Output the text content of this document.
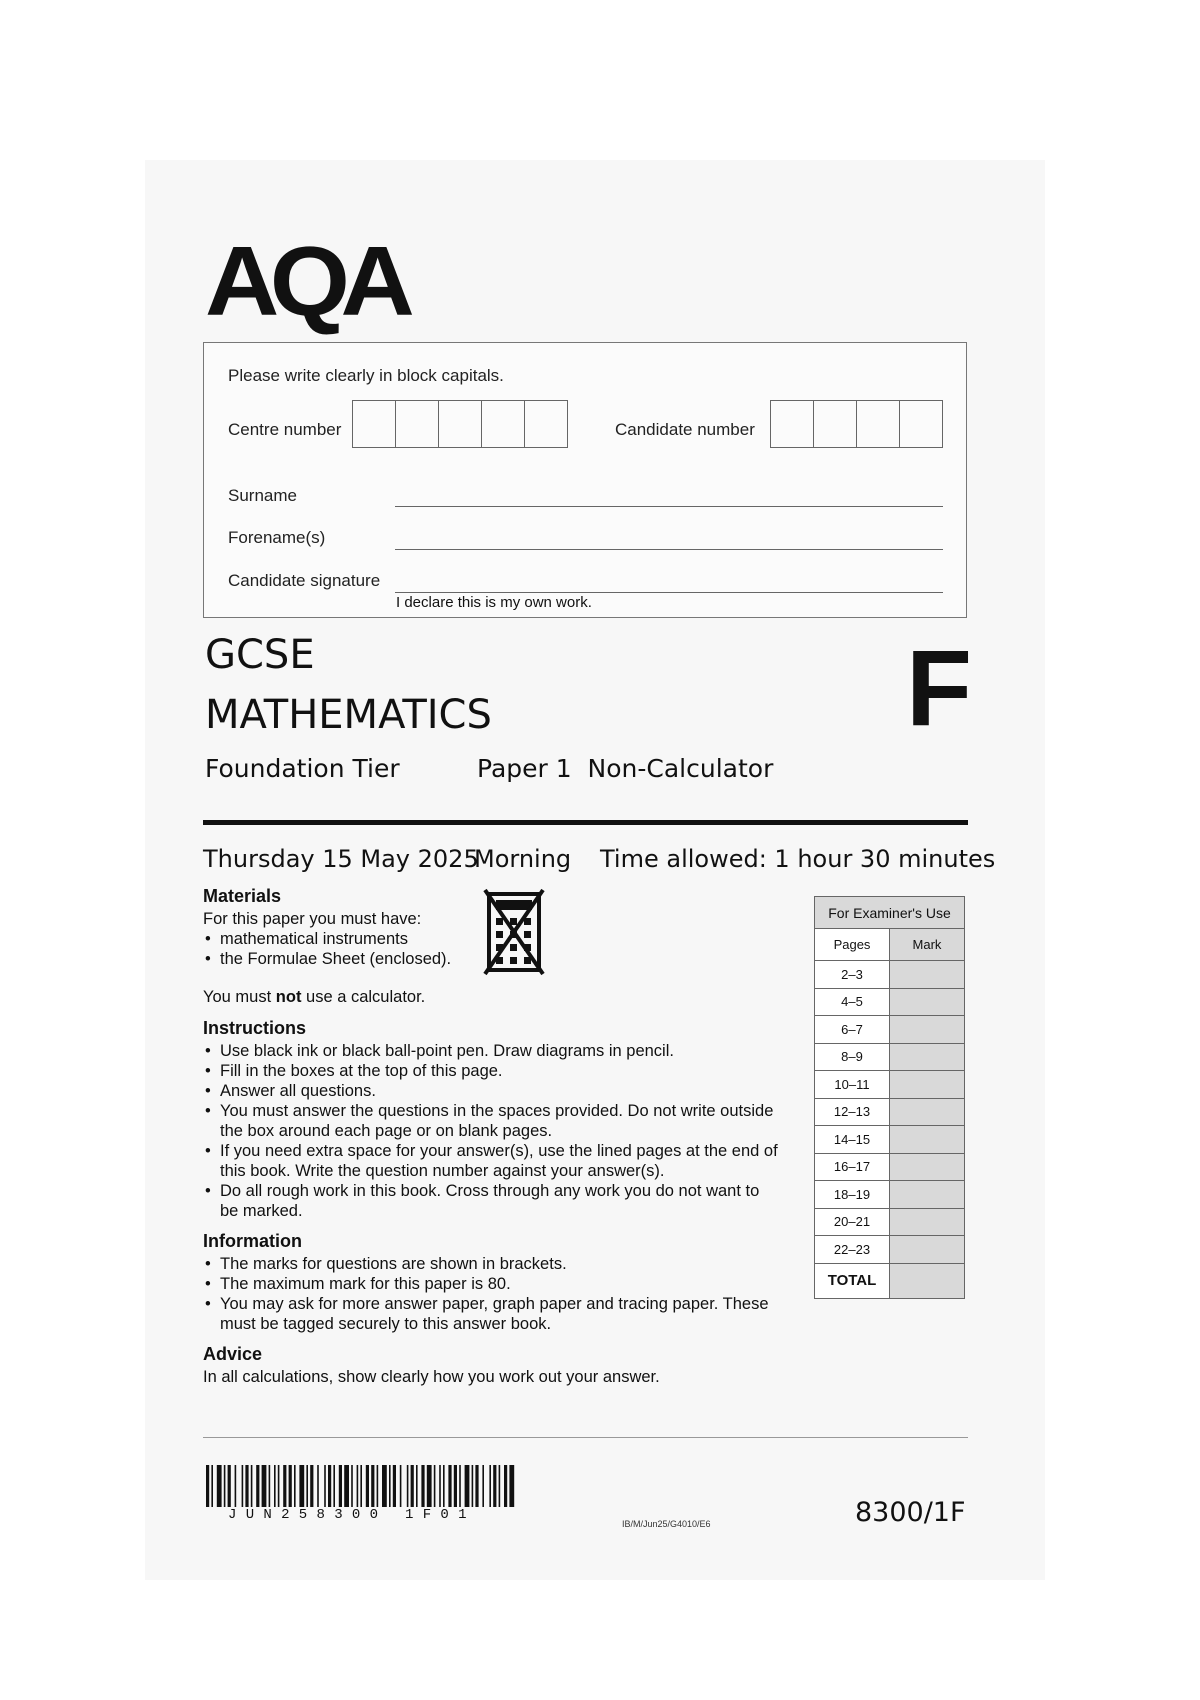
AQA
Please write clearly in block capitals.
Centre number	Candidate number
Surname
Forename(s)
Candidate signature
I declare this is my own work.
GCSE
MATHEMATICS	F
Foundation Tier	Paper 1  Non-Calculator
Thursday 15 May 2025
Morning Time allowed: 1 hour 30 minutes
Materials
For this paper you must have:
• mathematical instruments
• the Formulae Sheet (enclosed).
You must not use a calculator.
Instructions
• Use black ink or black ball-point pen. Draw diagrams in pencil.
• Fill in the boxes at the top of this page.
• Answer all questions.
• You must answer the questions in the spaces provided. Do not write outside the box around each page or on blank pages.
• If you need extra space for your answer(s), use the lined pages at the end of this book. Write the question number against your answer(s).
• Do all rough work in this book. Cross through any work you do not want to be marked.
Information
• The marks for questions are shown in brackets.
• The maximum mark for this paper is 80.
• You may ask for more answer paper, graph paper and tracing paper. These must be tagged securely to this answer book.
Advice
In all calculations, show clearly how you work out your answer.
For Examiner's Use	
Pages	Mark
2–3	
4–5	
6–7	
8–9	
10–11	
12–13	
14–15	
16–17	
18–19	
20–21	
22–23	
TOTAL	
JUN258300 1F01
IB/M/Jun25/G4010/E6	8300/1F
